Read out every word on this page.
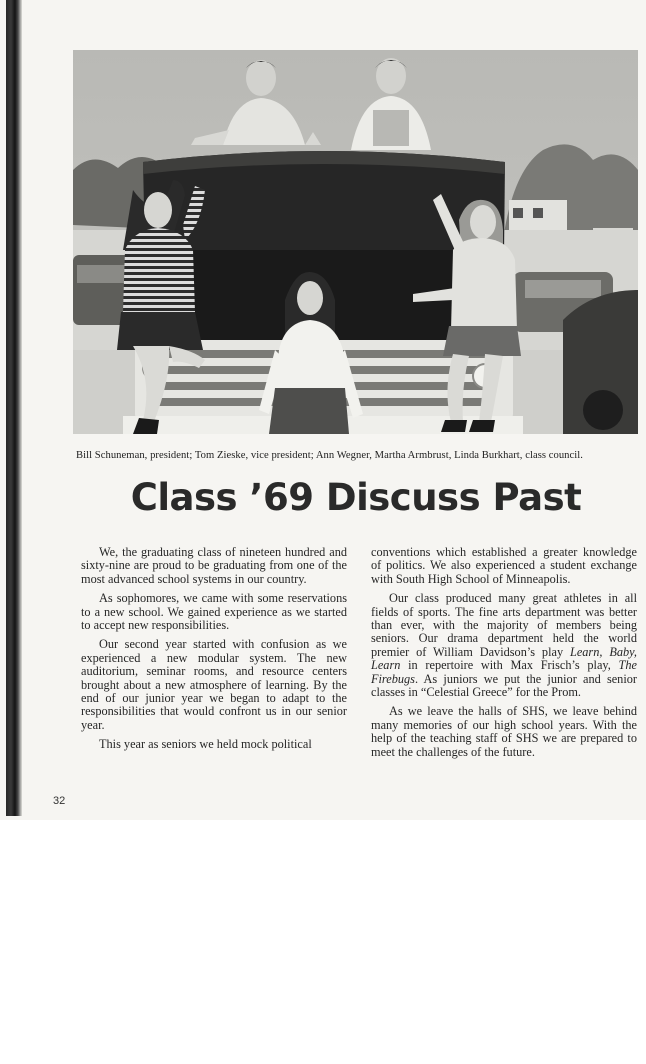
Bill Schuneman, president; Tom Zieske, vice president; Ann Wegner, Martha Armbrust, Linda Burkhart, class council.
Class ’69 Discuss Past

We, the graduating class of nineteen hundred and sixty-nine are proud to be graduating from one of the most advanced school systems in our country.

As sophomores, we came with some reservations to a new school. We gained experience as we started to accept new responsibilities.

Our second year started with confusion as we experienced a new modular system. The new auditorium, seminar rooms, and resource centers brought about a new atmosphere of learning. By the end of our junior year we began to adapt to the responsibilities that would confront us in our senior year.

This year as seniors we held mock political

conventions which established a greater knowledge of politics. We also experienced a student exchange with South High School of Minneapolis.

Our class produced many great athletes in all fields of sports. The fine arts department was better than ever, with the majority of members being seniors. Our drama department held the world premier of William Davidson’s play Learn, Baby, Learn in repertoire with Max Frisch’s play, The Firebugs. As juniors we put the junior and senior classes in “Celestial Greece” for the Prom.

As we leave the halls of SHS, we leave behind many memories of our high school years. With the help of the teaching staff of SHS we are prepared to meet the challenges of the future.

32
